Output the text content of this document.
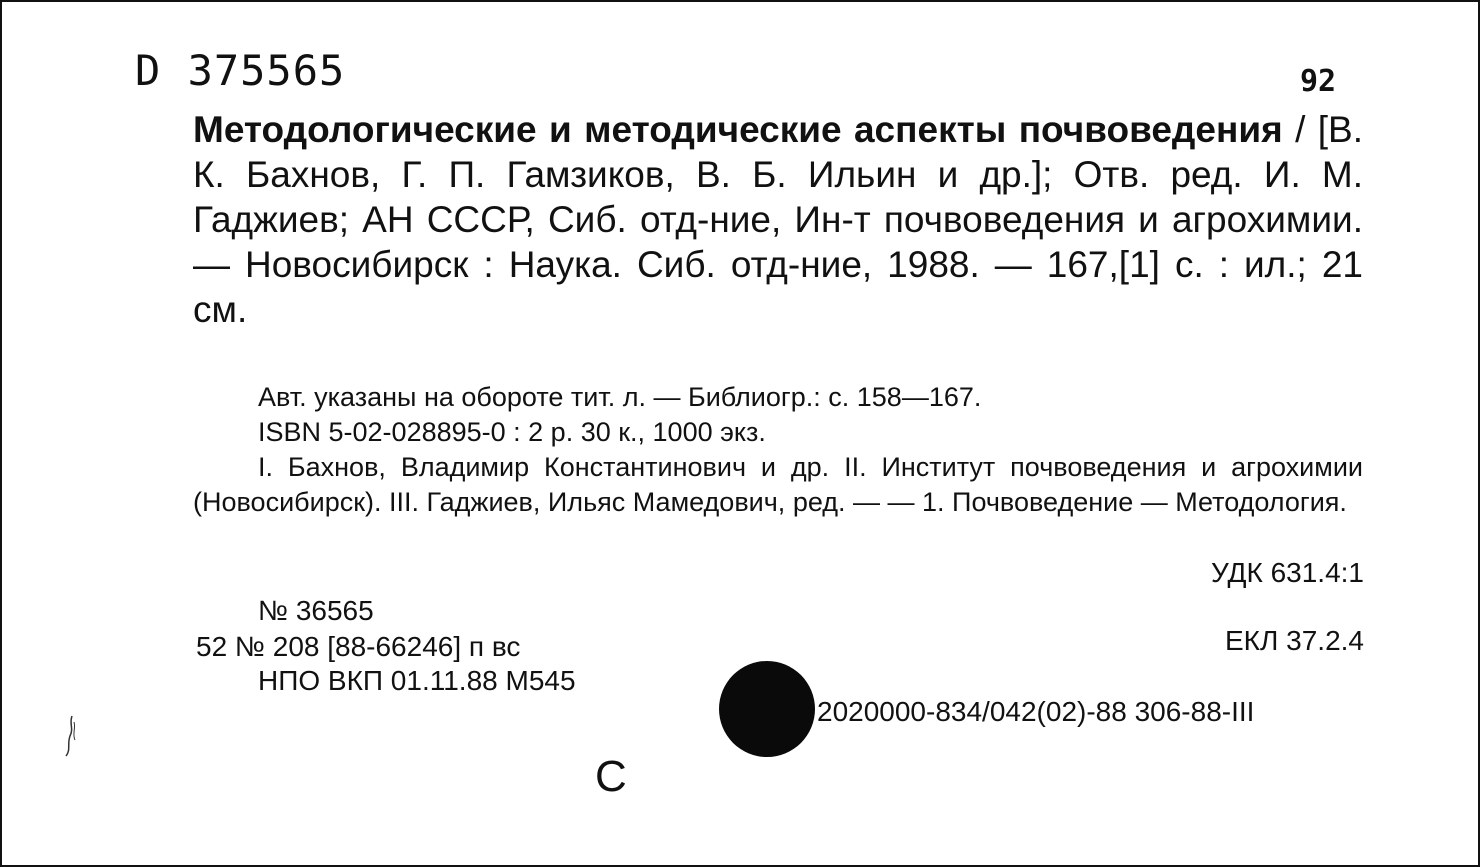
D 375565	92
Методологические и методические аспекты почвоведения / [В. К. Бахнов, Г. П. Гамзиков, В. Б. Ильин и др.]; Отв. ред. И. М. Гаджиев; АН СССР, Сиб. отд-ние, Ин-т почвоведения и агрохимии. — Новосибирск : Наука. Сиб. отд-ние, 1988. — 167,[1] с. : ил.; 21 см.
Авт. указаны на обороте тит. л. — Библиогр.: с. 158—167.
ISBN 5-02-028895-0 : 2 р. 30 к., 1000 экз.
I. Бахнов, Владимир Константинович и др. II. Институт почвоведения и агрохимии (Новосибирск). III. Гаджиев, Ильяс Мамедович, ред. — — 1. Почвоведение — Методология.
УДК 631.4:1
№ 36565
52 № 208 [88-66246] п вс	ЕКЛ 37.2.4
НПО ВКП 01.11.88 М545
2020000-834/042(02)-88 306-88-III
С
